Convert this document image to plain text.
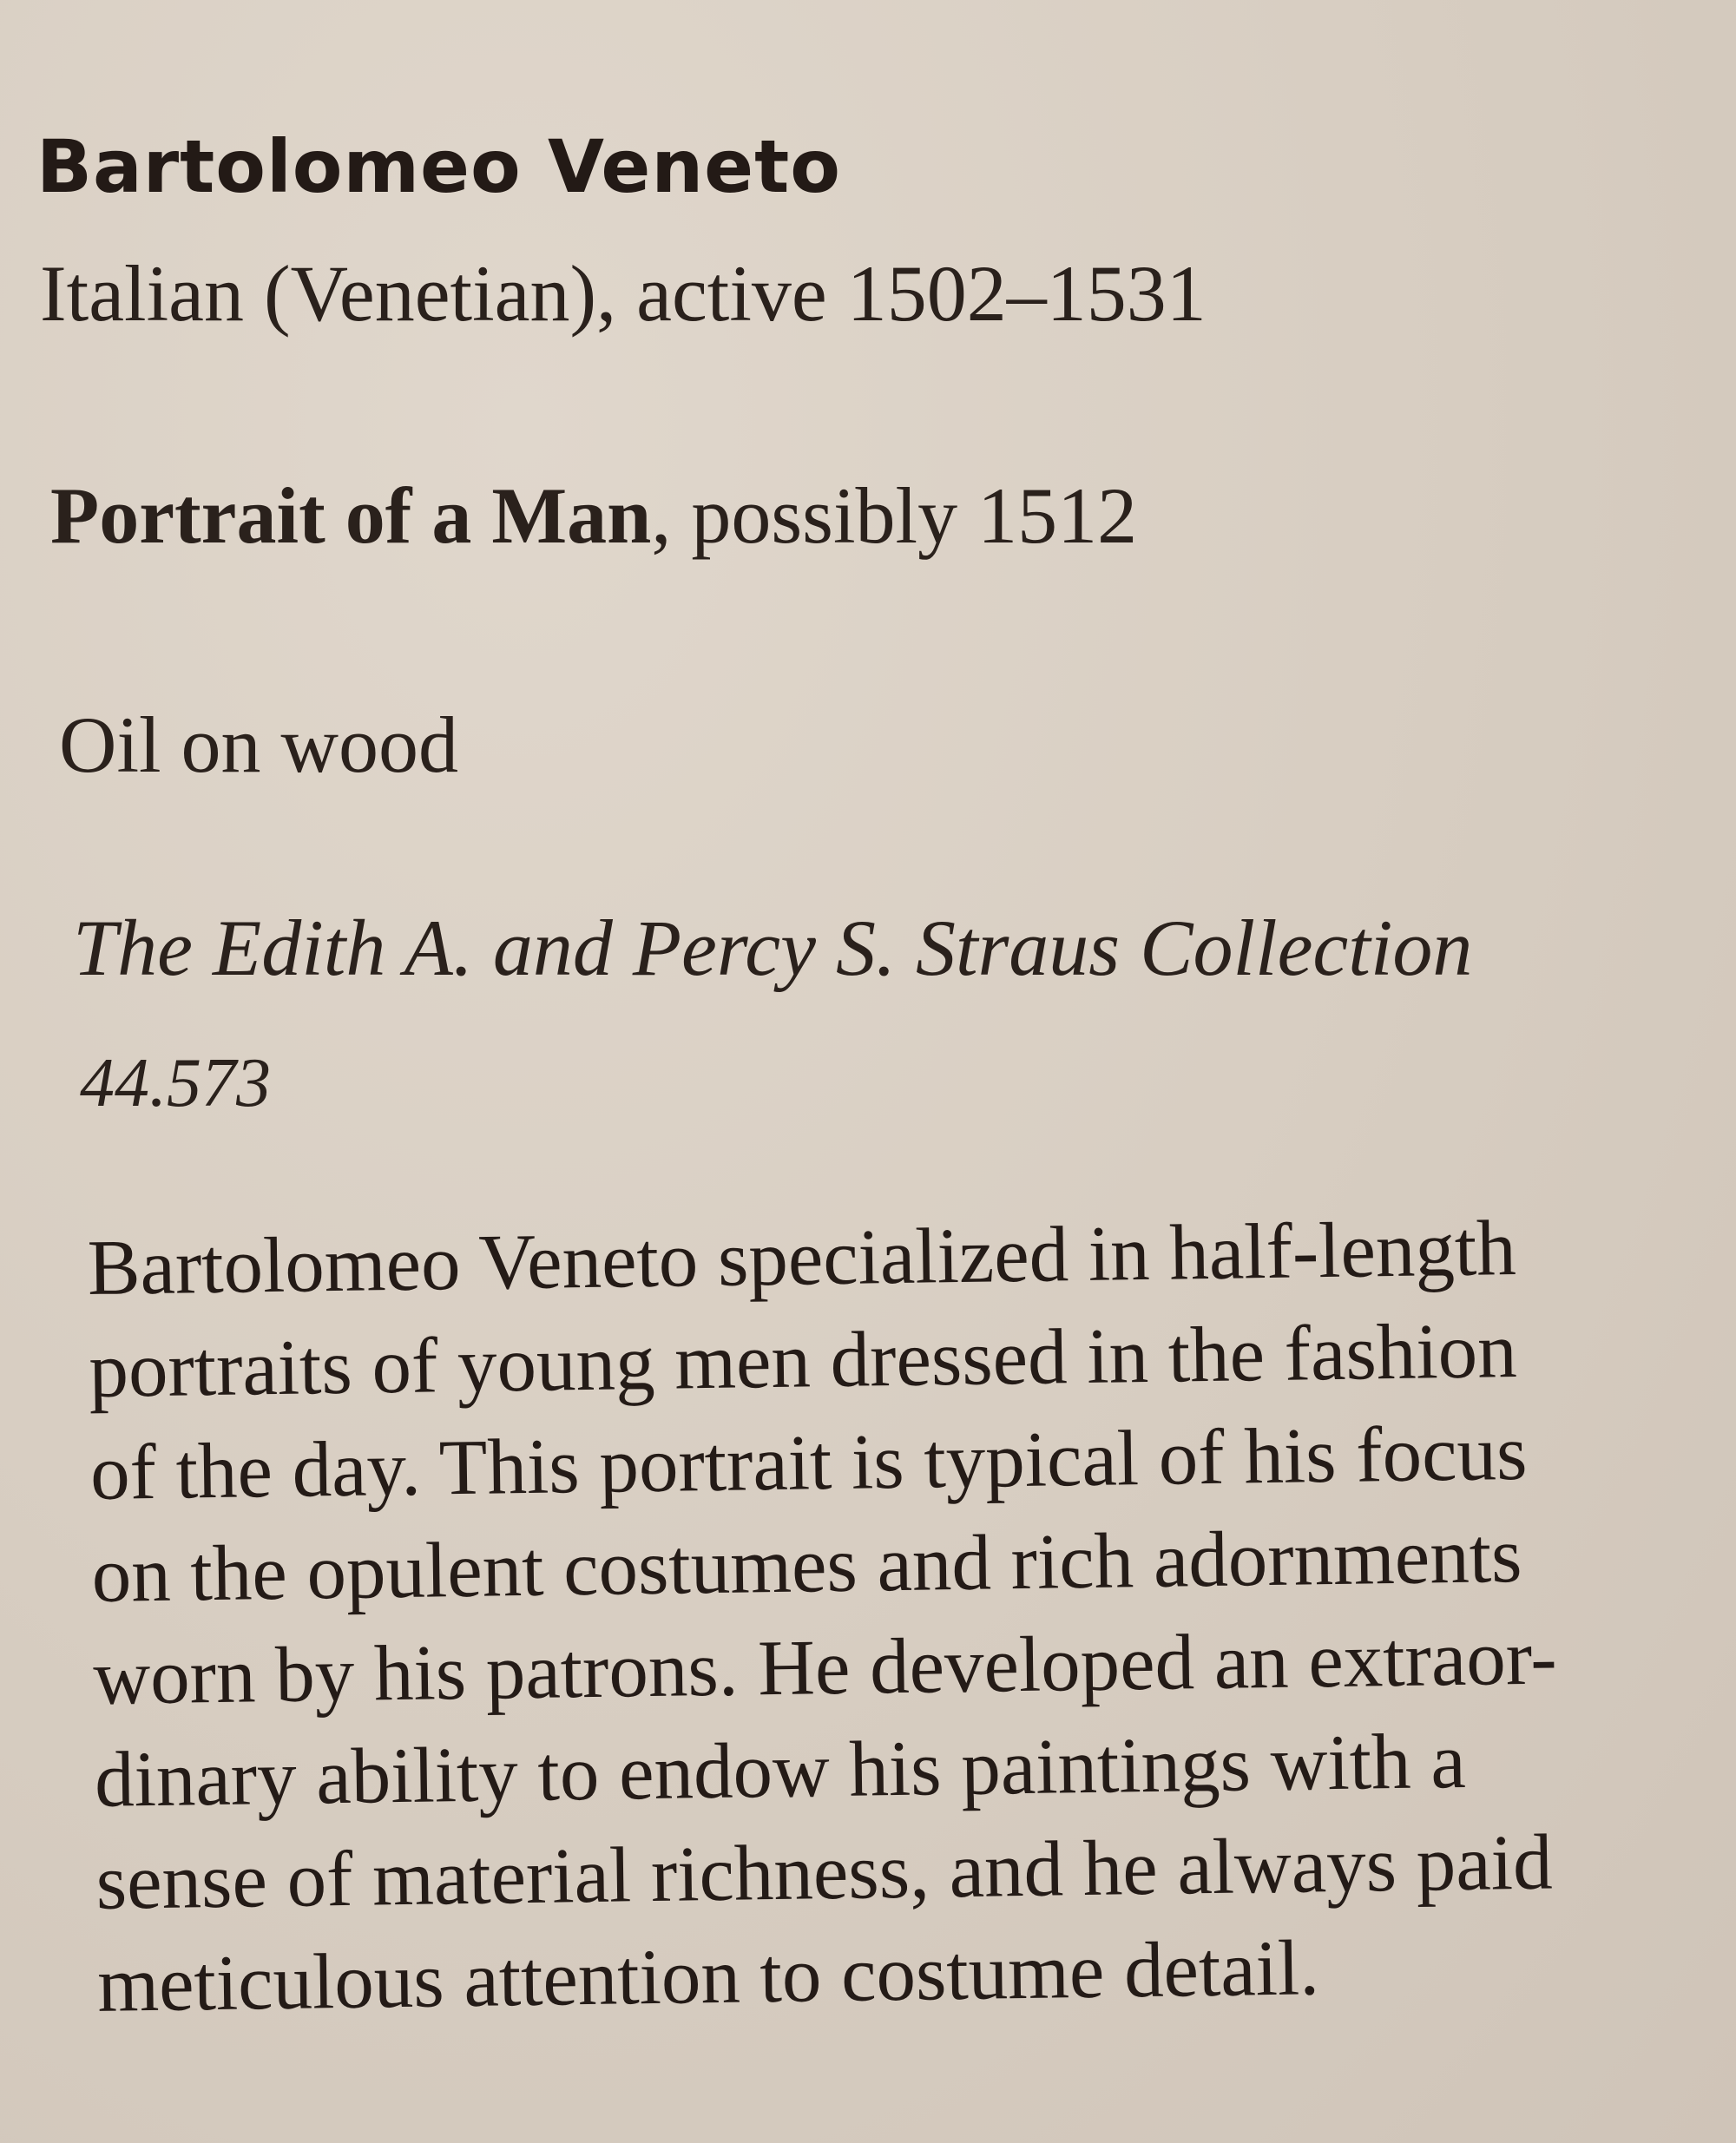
Bartolomeo Veneto

Italian (Venetian), active 1502–1531

Portrait of a Man, possibly 1512

Oil on wood

The Edith A. and Percy S. Straus Collection

44.573

Bartolomeo Veneto specialized in half-length
portraits of young men dressed in the fashion
of the day. This portrait is typical of his focus
on the opulent costumes and rich adornments
worn by his patrons. He developed an extraor-
dinary ability to endow his paintings with a
sense of material richness, and he always paid
meticulous attention to costume detail.
